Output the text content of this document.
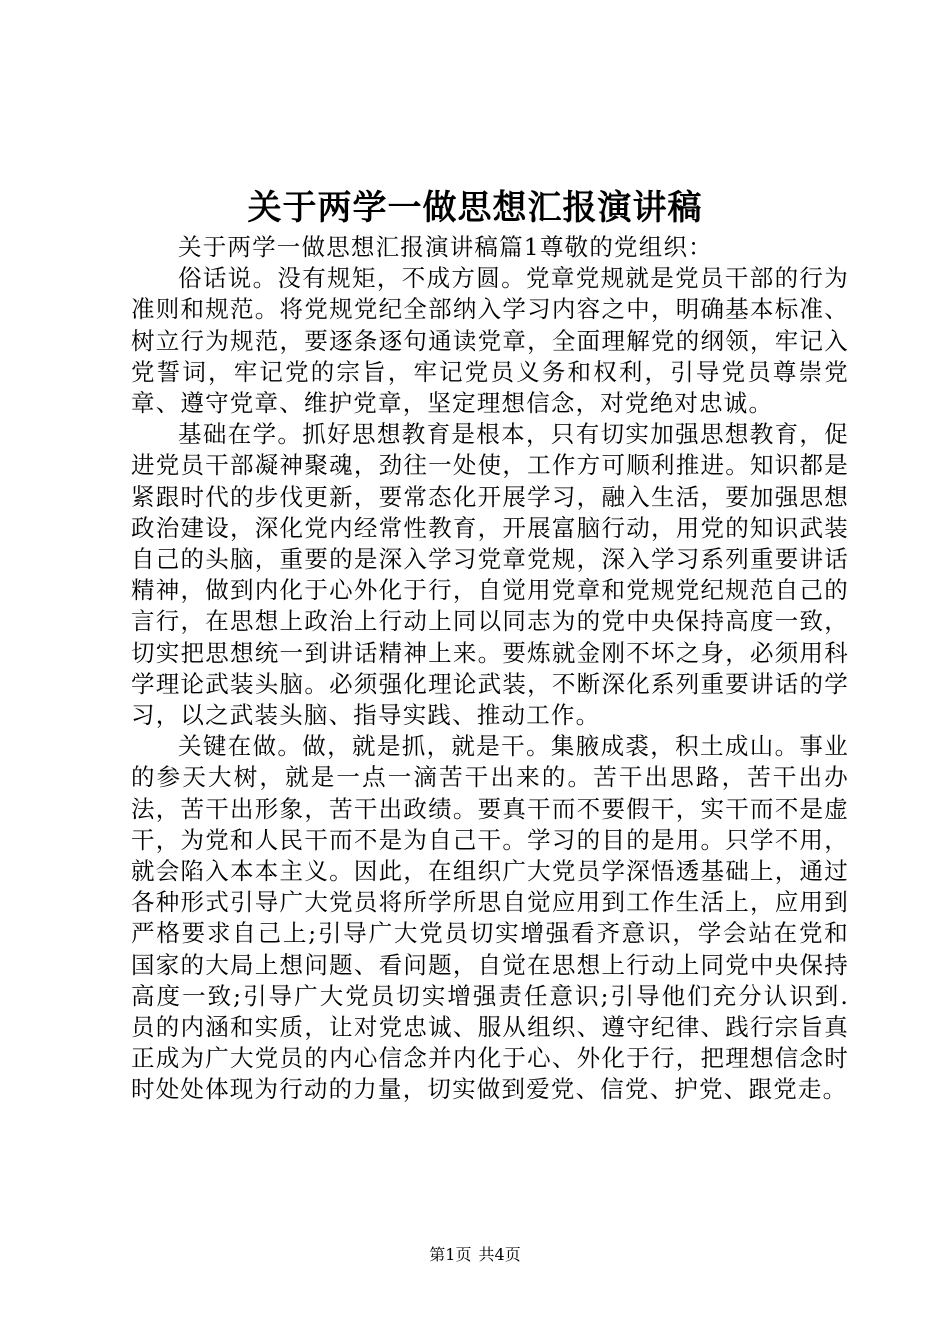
关于两学一做思想汇报演讲稿

关于两学一做思想汇报演讲稿篇1尊敬的党组织：

俗话说。没有规矩，不成方圆。党章党规就是党员干部的行为准则和规范。将党规党纪全部纳入学习内容之中，明确基本标准、树立行为规范，要逐条逐句通读党章，全面理解党的纲领，牢记入党誓词，牢记党的宗旨，牢记党员义务和权利，引导党员尊崇党章、遵守党章、维护党章，坚定理想信念，对党绝对忠诚。

基础在学。抓好思想教育是根本，只有切实加强思想教育，促进党员干部凝神聚魂，劲往一处使，工作方可顺利推进。知识都是紧跟时代的步伐更新，要常态化开展学习，融入生活，要加强思想政治建设，深化党内经常性教育，开展富脑行动，用党的知识武装自己的头脑，重要的是深入学习党章党规，深入学习系列重要讲话精神，做到内化于心外化于行，自觉用党章和党规党纪规范自己的言行，在思想上政治上行动上同以同志为的党中央保持高度一致，切实把思想统一到讲话精神上来。要炼就金刚不坏之身，必须用科学理论武装头脑。必须强化理论武装，不断深化系列重要讲话的学习，以之武装头脑、指导实践、推动工作。

关键在做。做，就是抓，就是干。集腋成裘，积土成山。事业的参天大树，就是一点一滴苦干出来的。苦干出思路，苦干出办法，苦干出形象，苦干出政绩。要真干而不要假干，实干而不是虚干，为党和人民干而不是为自己干。学习的目的是用。只学不用，就会陷入本本主义。因此，在组织广大党员学深悟透基础上，通过各种形式引导广大党员将所学所思自觉应用到工作生活上，应用到严格要求自己上;引导广大党员切实增强看齐意识，学会站在党和国家的大局上想问题、看问题，自觉在思想上行动上同党中央保持高度一致;引导广大党员切实增强责任意识;引导他们充分认识到.员的内涵和实质，让对党忠诚、服从组织、遵守纪律、践行宗旨真正成为广大党员的内心信念并内化于心、外化于行，把理想信念时时处处体现为行动的力量，切实做到爱党、信党、护党、跟党走。

第1页 共4页
